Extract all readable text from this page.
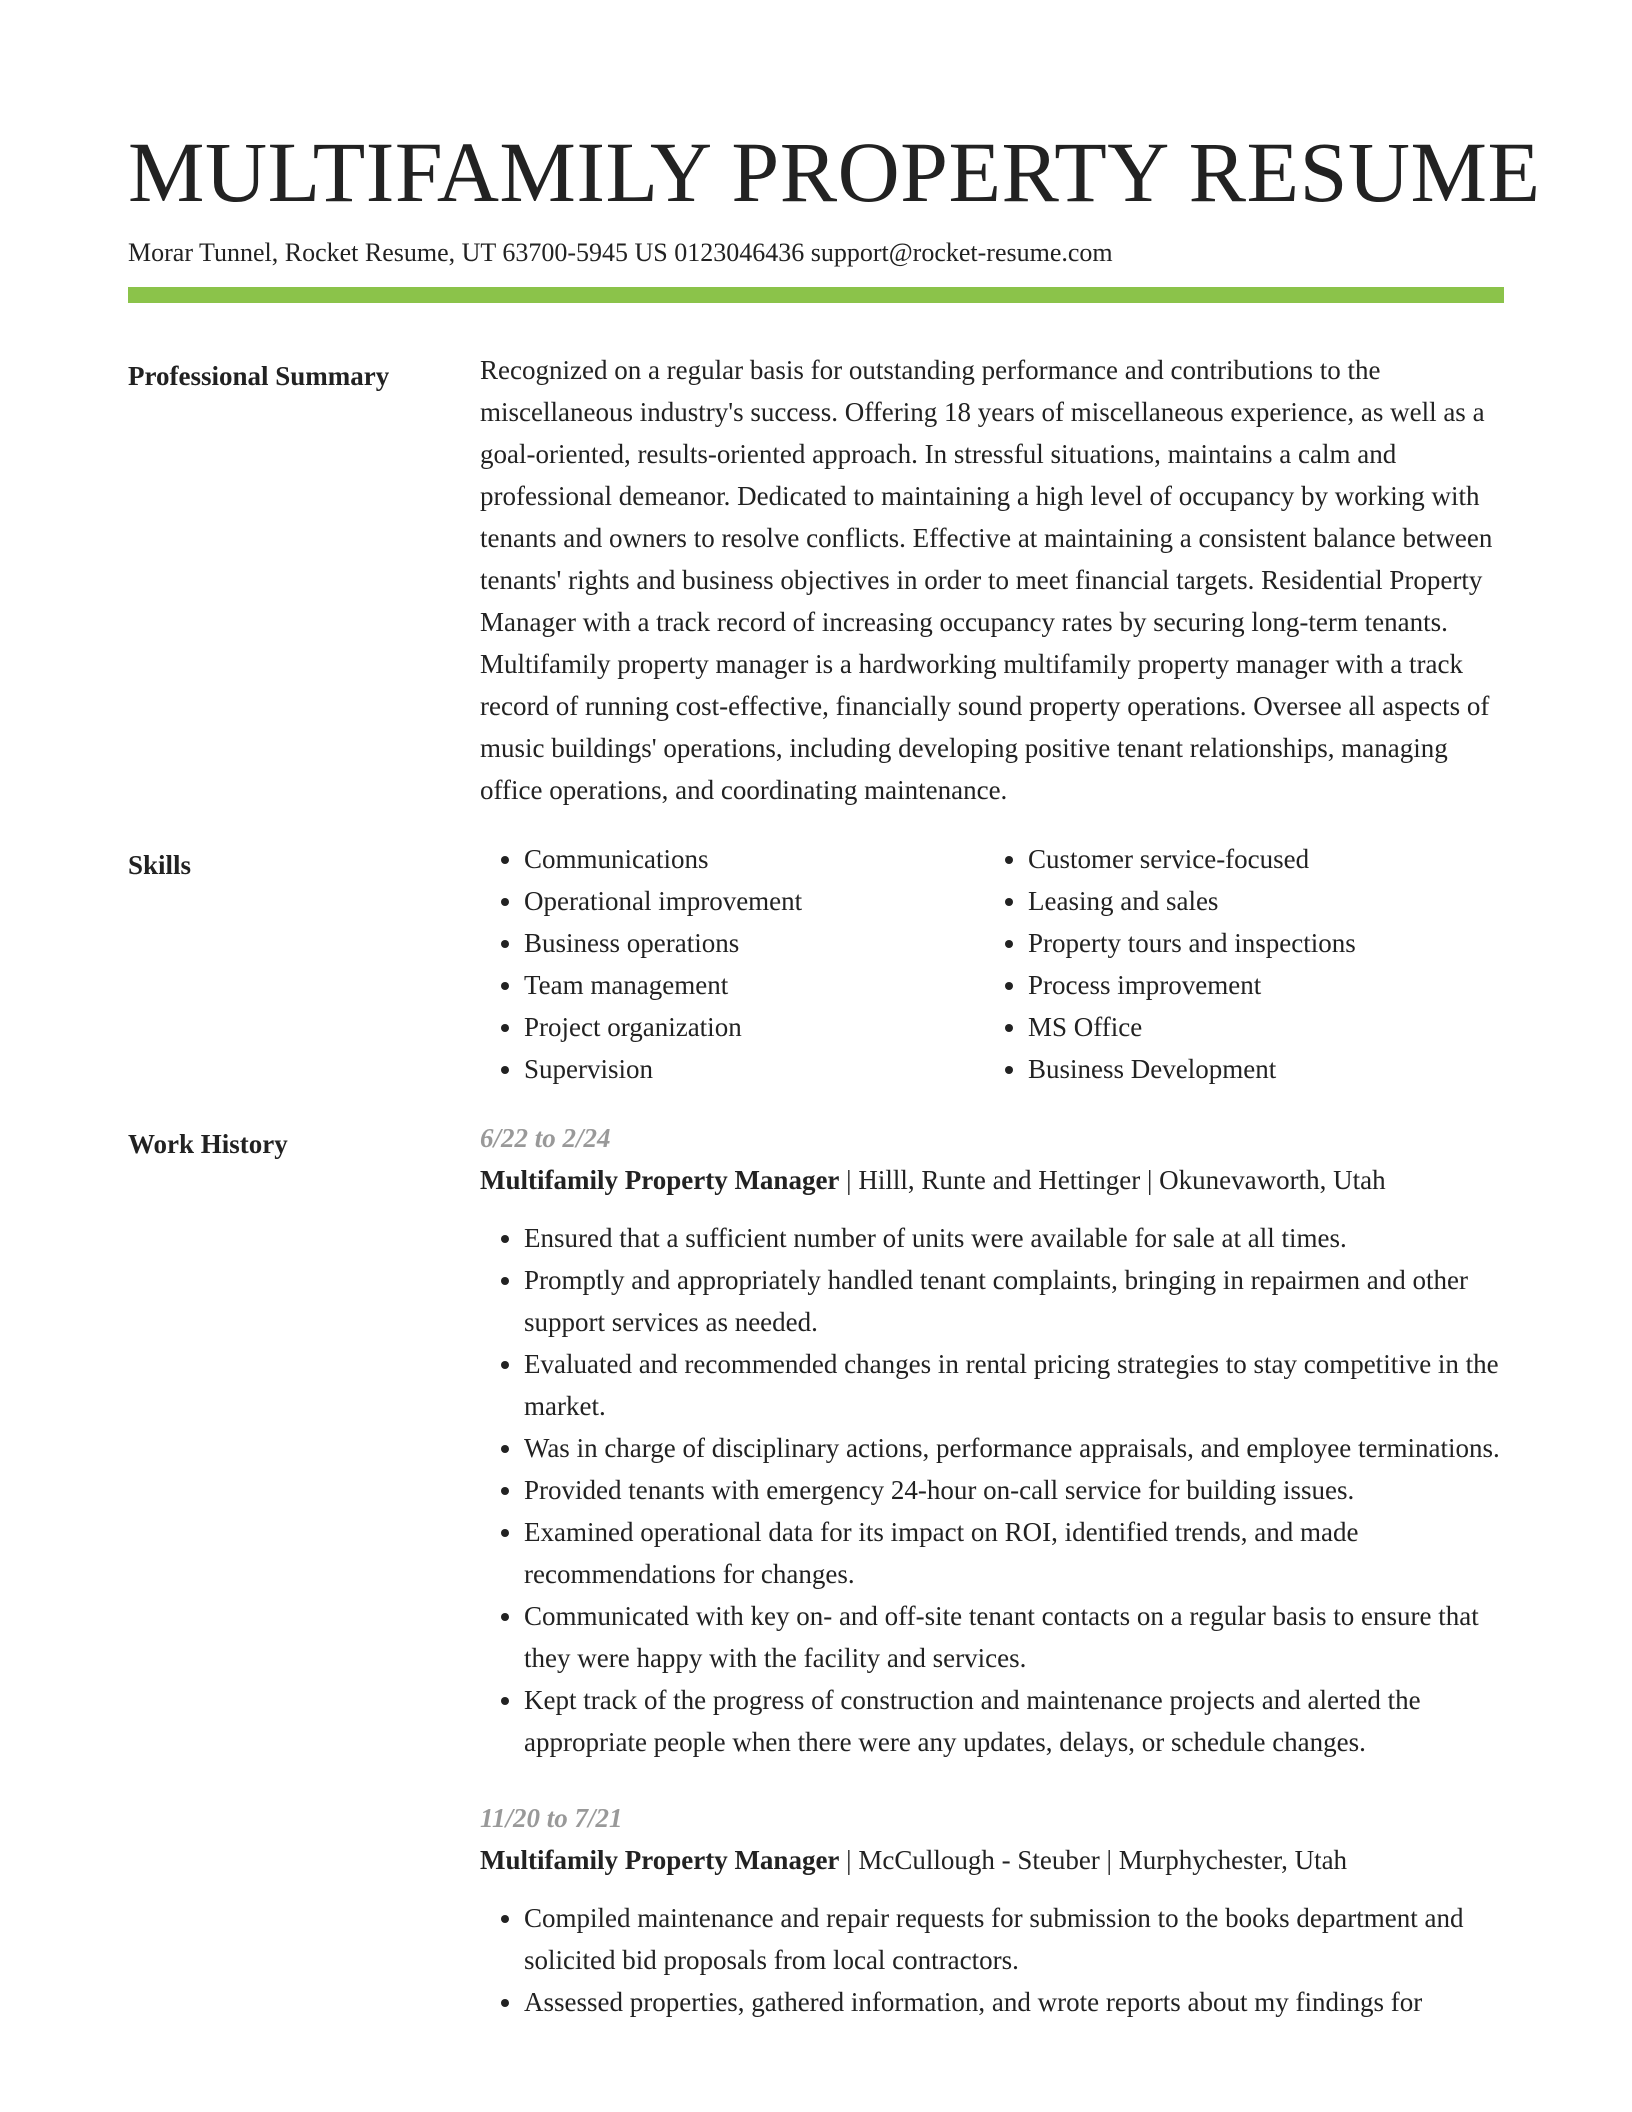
MULTIFAMILY PROPERTY RESUME
Morar Tunnel, Rocket Resume, UT 63700-5945 US 0123046436 support@rocket-resume.com
Professional Summary	Recognized on a regular basis for outstanding performance and contributions to the miscellaneous industry's success. Offering 18 years of miscellaneous experience, as well as a goal-oriented, results-oriented approach. In stressful situations, maintains a calm and professional demeanor. Dedicated to maintaining a high level of occupancy by working with tenants and owners to resolve conflicts. Effective at maintaining a consistent balance between tenants' rights and business objectives in order to meet financial targets. Residential Property Manager with a track record of increasing occupancy rates by securing long-term tenants. Multifamily property manager is a hardworking multifamily property manager with a track record of running cost-effective, financially sound property operations. Oversee all aspects of music buildings' operations, including developing positive tenant relationships, managing office operations, and coordinating maintenance.

Skills
•	Communications
• Operational improvement
• Business operations
• Team management
• Project organization
• Supervision
• Customer service-focused
• Leasing and sales
• Property tours and inspections
• Process improvement
• MS Office
• Business Development
Work History	6/22 to 2/24
Multifamily Property Manager | Hilll, Runte and Hettinger | Okunevaworth, Utah
• Ensured that a sufficient number of units were available for sale at all times.
• Promptly and appropriately handled tenant complaints, bringing in repairmen and other support services as needed.
• Evaluated and recommended changes in rental pricing strategies to stay competitive in the market.
• Was in charge of disciplinary actions, performance appraisals, and employee terminations.
• Provided tenants with emergency 24-hour on-call service for building issues.
• Examined operational data for its impact on ROI, identified trends, and made recommendations for changes.
• Communicated with key on- and off-site tenant contacts on a regular basis to ensure that they were happy with the facility and services.
• Kept track of the progress of construction and maintenance projects and alerted the appropriate people when there were any updates, delays, or schedule changes.
11/20 to 7/21
Multifamily Property Manager | McCullough - Steuber | Murphychester, Utah
• Compiled maintenance and repair requests for submission to the books department and solicited bid proposals from local contractors.
• Assessed properties, gathered information, and wrote reports about my findings for
